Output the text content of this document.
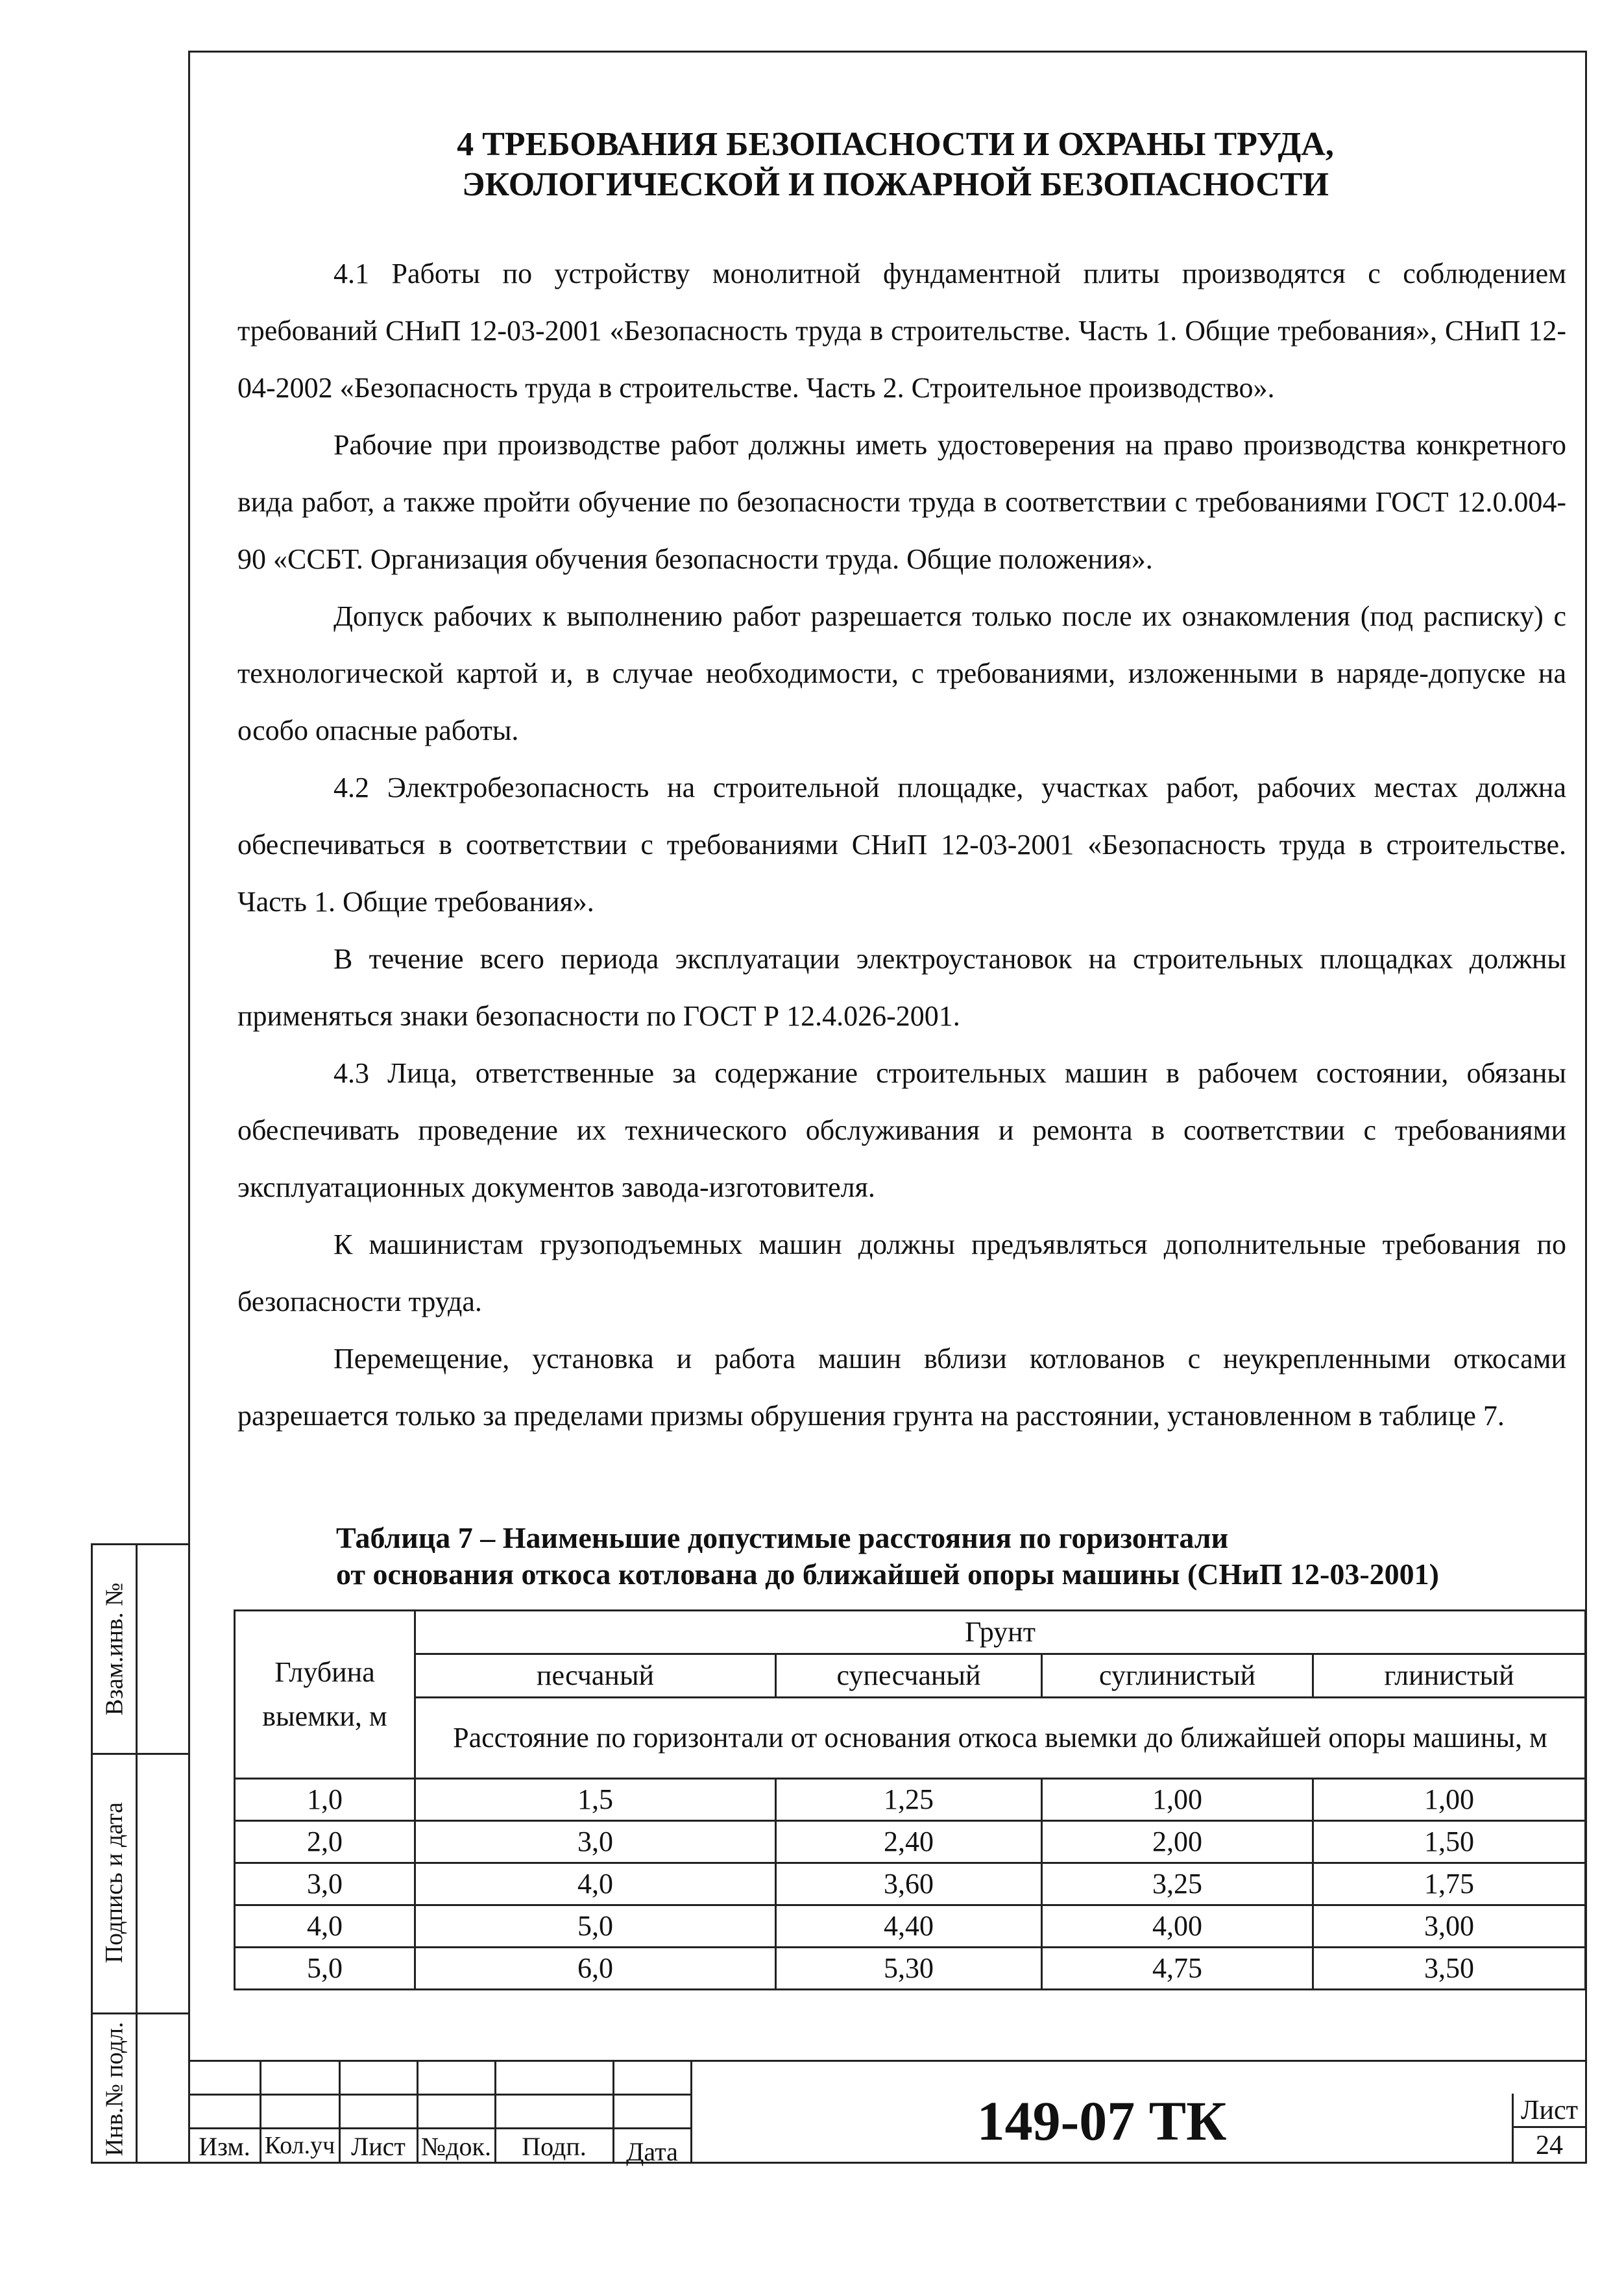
Взам.инв. №
Подпись и дата
Инв.№ подл.
4 ТРЕБОВАНИЯ БЕЗОПАСНОСТИ И ОХРАНЫ ТРУДА,
ЭКОЛОГИЧЕСКОЙ И ПОЖАРНОЙ БЕЗОПАСНОСТИ

4.1 Работы по устройству монолитной фундаментной плиты производятся с соблюдением требований СНиП 12-03-2001 «Безопасность труда в строительстве. Часть 1. Общие требования», СНиП 12-04-2002 «Безопасность труда в строительстве. Часть 2. Строительное производство».

Рабочие при производстве работ должны иметь удостоверения на право производства конкретного вида работ, а также пройти обучение по безопасности труда в соответствии с требованиями ГОСТ 12.0.004-90 «ССБТ. Организация обучения безопасности труда. Общие положения».

Допуск рабочих к выполнению работ разрешается только после их ознакомления (под расписку) с технологической картой и, в случае необходимости, с требованиями, изложенными в наряде-допуске на особо опасные работы.

4.2 Электробезопасность на строительной площадке, участках работ, рабочих местах должна обеспечиваться в соответствии с требованиями СНиП 12-03-2001 «Безопасность труда в строительстве. Часть 1. Общие требования».

В течение всего периода эксплуатации электроустановок на строительных площадках должны применяться знаки безопасности по ГОСТ Р 12.4.026-2001.

4.3 Лица, ответственные за содержание строительных машин в рабочем состоянии, обязаны обеспечивать проведение их технического обслуживания и ремонта в соответствии с требованиями эксплуатационных документов завода-изготовителя.

К машинистам грузоподъемных машин должны предъявляться дополнительные требования по безопасности труда.

Перемещение, установка и работа машин вблизи котлованов с неукрепленными откосами разрешается только за пределами призмы обрушения грунта на расстоянии, установленном в таблице 7.

Таблица 7 – Наименьшие допустимые расстояния по горизонтали
от основания откоса котлована до ближайшей опоры машины (СНиП 12-03-2001)
Глубина выемки, м	Грунт			
	песчаный	супесчаный	суглинистый	глинистый
	Расстояние по горизонтали от основания откоса выемки до ближайшей опоры машины, м			
1,0	1,5	1,25	1,00	1,00
2,0	3,0	2,40	2,00	1,50
3,0	4,0	3,60	3,25	1,75
4,0	5,0	4,40	4,00	3,00
5,0	6,0	5,30	4,75	3,50
Изм. Кол.уч Лист №док.	Подп.	Дата	149-07 ТК	Лист
24
